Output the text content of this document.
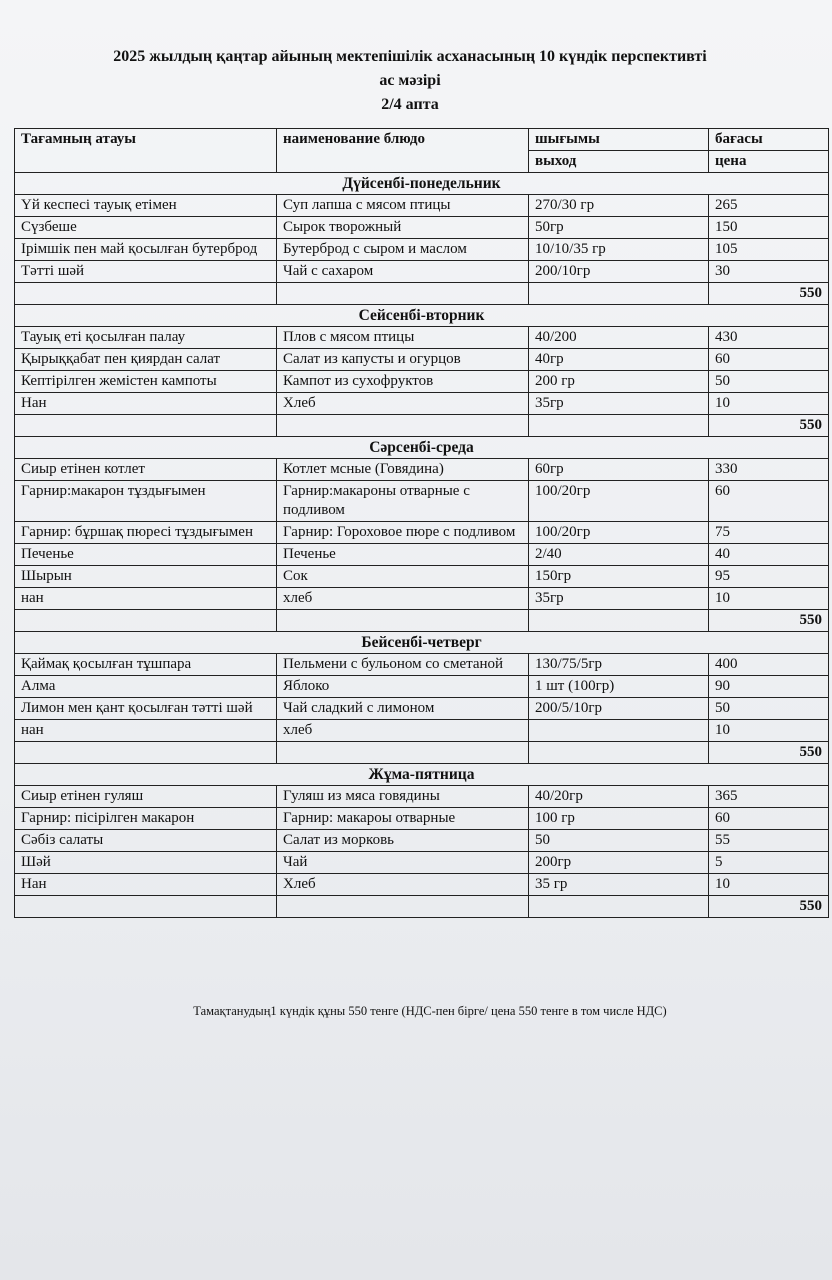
2025 жылдың қаңтар айының мектепішілік асханасының 10 күндік перспективті
ас мәзірі
2/4 апта
Тағамның атауы	наименование блюдо	шығымы	бағасы
		выход	цена
Дүйсенбі-понедельник			
Үй кеспесі тауық етімен	Суп лапша с мясом птицы	270/30 гр	265
Сүзбеше	Сырок творожный	50гр	150
Ірімшік пен май қосылған бутерброд	Бутерброд с сыром и маслом	10/10/35 гр	105
Тәтті шәй	Чай с сахаром	200/10гр	30
			550
Сейсенбі-вторник			
Тауық еті қосылған палау	Плов с мясом птицы	40/200	430
Қырыққабат пен қиярдан салат	Салат из капусты и огурцов	40гр	60
Кептірілген жемістен кампоты	Кампот из сухофруктов	200 гр	50
Нан	Хлеб	35гр	10
			550
Сәрсенбі-среда			
Сиыр етінен котлет	Котлет мсные (Говядина)	60гр	330
Гарнир:макарон тұздығымен	Гарнир:макароны отварные с подливом	100/20гр	60
Гарнир: бұршақ пюресі тұздығымен	Гарнир: Гороховое пюре с подливом	100/20гр	75
Печенье	Печенье	2/40	40
Шырын	Сок	150гр	95
нан	хлеб	35гр	10
			550
Бейсенбі-четверг			
Қаймақ қосылған тұшпара	Пельмени с бульоном со сметаной	130/75/5гр	400
Алма	Яблоко	1 шт (100гр)	90
Лимон мен қант қосылған тәтті шәй	Чай сладкий с лимоном	200/5/10гр	50
нан	хлеб		10
			550
Жұма-пятница			
Сиыр етінен гуляш	Гуляш из мяса говядины	40/20гр	365
Гарнир: пісірілген макарон	Гарнир: макароы отварные	100 гр	60
Сәбіз салаты	Салат из морковь	50	55
Шәй	Чай	200гр	5
Нан	Хлеб	35 гр	10
			550
Тамақтанудың1 күндік құны 550 тенге (НДС-пен бірге/ цена 550 тенге в том числе НДС)
